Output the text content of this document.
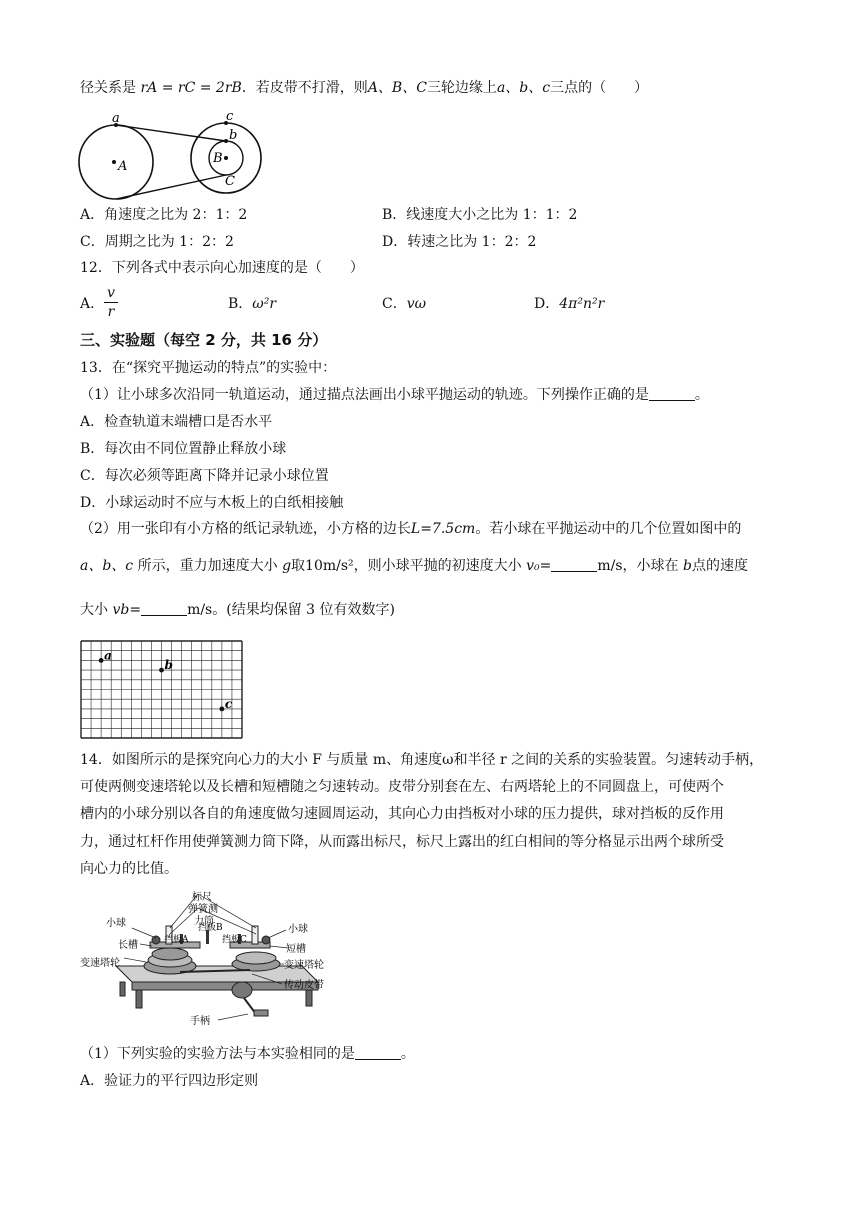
径关系是 rA = rC = 2rB．若皮带不打滑，则A、B、C三轮边缘上a、b、c三点的（　　）
a	c
b
A
B
C
A．角速度之比为 2：1：2	B．线速度大小之比为 1：1：2
C．周期之比为 1：2：2	D．转速之比为 1：2：2
12．下列各式中表示向心加速度的是（　　）
A． $\frac{v}{r}$	B．ω²r	C．vω	D．4π²n²r
三、实验题（每空 2 分，共 16 分）
13．在“探究平抛运动的特点”的实验中：
（1）让小球多次沿同一轨道运动，通过描点法画出小球平抛运动的轨迹。下列操作正确的是	。
A．检查轨道末端槽口是否水平
B．每次由不同位置静止释放小球
C．每次必须等距离下降并记录小球位置
D．小球运动时不应与木板上的白纸相接触
（2）用一张印有小方格的纸记录轨迹，小方格的边长L=7.5cm。若小球在平抛运动中的几个位置如图中的
a、b、c 所示，重力加速度大小 g取10m/s²，则小球平抛的初速度大小 v₀=	m/s，小球在 b点的速度
大小 vb=	m/s。(结果均保留 3 位有效数字)
a
b
c
14．如图所示的是探究向心力的大小 F 与质量 m、角速度ω和半径 r 之间的关系的实验装置。匀速转动手柄，
可使两侧变速塔轮以及长槽和短槽随之匀速转动。皮带分别套在左、右两塔轮上的不同圆盘上，可使两个
槽内的小球分别以各自的角速度做匀速圆周运动，其向心力由挡板对小球的压力提供，球对挡板的反作用
力，通过杠杆作用使弹簧测力筒下降，从而露出标尺，标尺上露出的红白相间的等分格显示出两个球所受
向心力的比值。
标尺
弹簧测
力筒
小球
小球
长槽	短槽
挡板A
挡板B
挡板C
变速塔轮	变速塔轮
传动皮带
手柄
（1）下列实验的实验方法与本实验相同的是	。
A．验证力的平行四边形定则
